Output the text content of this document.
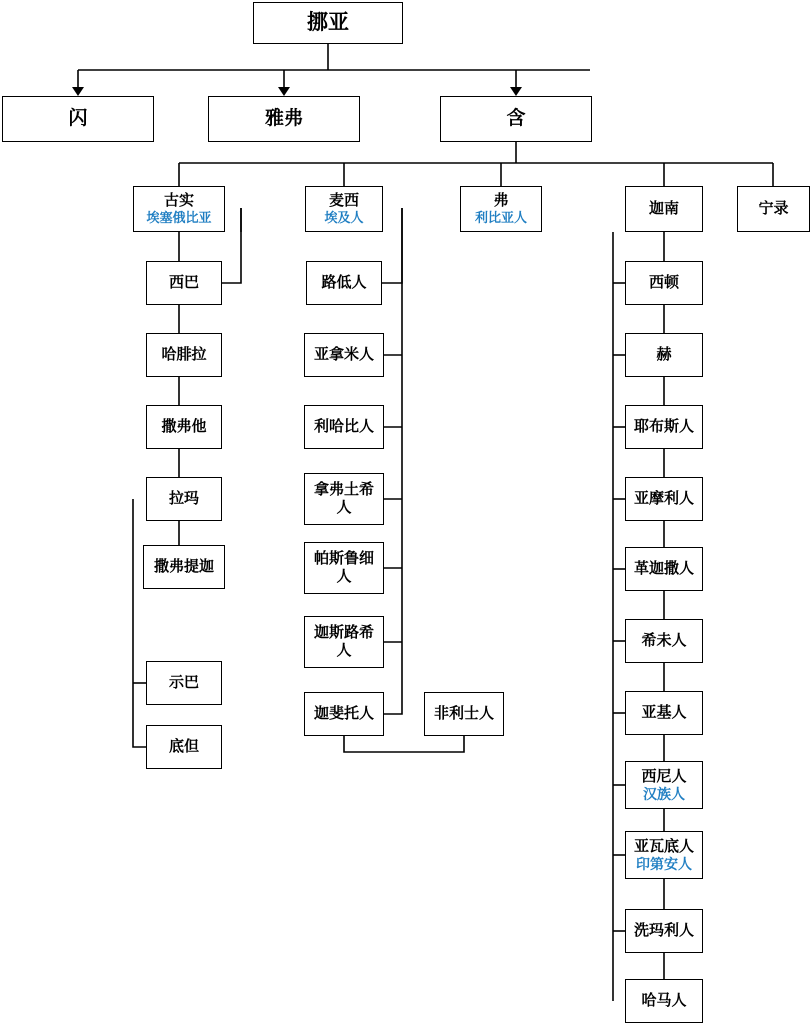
挪亚
闪	雅弗	含
古实
埃塞俄比亚
麦西
埃及人
弗
利比亚人
迦南	宁录
西巴
哈腓拉
撒弗他
拉玛
撒弗提迦
示巴
底但
路低人
亚拿米人
利哈比人
拿弗土希人
帕斯鲁细人
迦斯路希人
迦斐托人	非利士人
西顿
赫
耶布斯人
亚摩利人
革迦撒人
希未人
亚基人
西尼人
汉族人
亚瓦底人
印第安人
洗玛利人
哈马人
